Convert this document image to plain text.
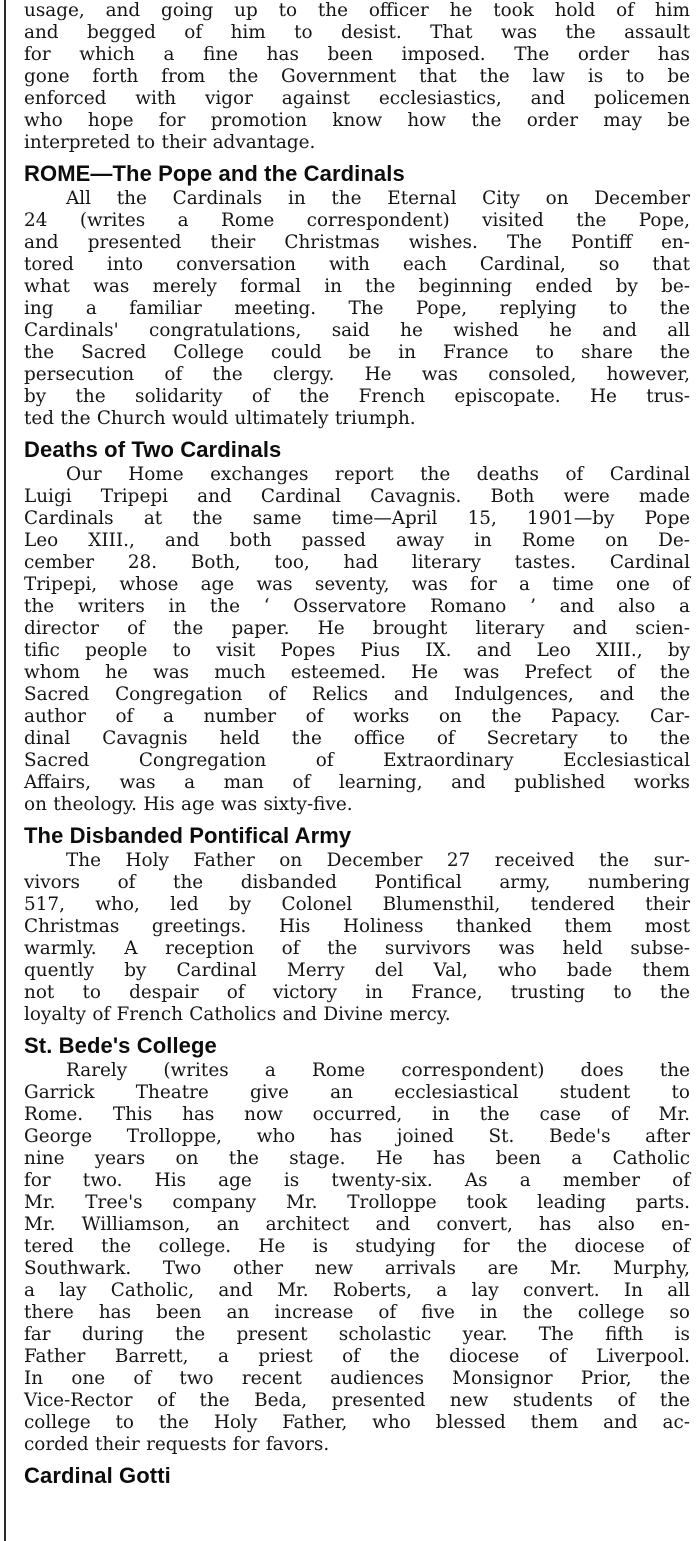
usage, and going up to the officer he took hold of him
and begged of him to desist. That was the assault
for which a fine has been imposed. The order has
gone forth from the Government that the law is to be
enforced with vigor against ecclesiastics, and policemen
who hope for promotion know how the order may be
interpreted to their advantage.
ROME—The Pope and the Cardinals
All the Cardinals in the Eternal City on December
24 (writes a Rome correspondent) visited the Pope,
and presented their Christmas wishes. The Pontiff en-
tored into conversation with each Cardinal, so that
what was merely formal in the beginning ended by be-
ing a familiar meeting. The Pope, replying to the
Cardinals' congratulations, said he wished he and all
the Sacred College could be in France to share the
persecution of the clergy. He was consoled, however,
by the solidarity of the French episcopate. He trus-
ted the Church would ultimately triumph.
Deaths of Two Cardinals
Our Home exchanges report the deaths of Cardinal
Luigi Tripepi and Cardinal Cavagnis. Both were made
Cardinals at the same time—April 15, 1901—by Pope
Leo XIII., and both passed away in Rome on De-
cember 28. Both, too, had literary tastes. Cardinal
Tripepi, whose age was seventy, was for a time one of
the writers in the ‘ Osservatore Romano ’ and also a
director of the paper. He brought literary and scien-
tific people to visit Popes Pius IX. and Leo XIII., by
whom he was much esteemed. He was Prefect of the
Sacred Congregation of Relics and Indulgences, and the
author of a number of works on the Papacy. Car-
dinal Cavagnis held the office of Secretary to the
Sacred Congregation of Extraordinary Ecclesiastical
Affairs, was a man of learning, and published works
on theology. His age was sixty-five.
The Disbanded Pontifical Army
The Holy Father on December 27 received the sur-
vivors of the disbanded Pontifical army, numbering
517, who, led by Colonel Blumensthil, tendered their
Christmas greetings. His Holiness thanked them most
warmly. A reception of the survivors was held subse-
quently by Cardinal Merry del Val, who bade them
not to despair of victory in France, trusting to the
loyalty of French Catholics and Divine mercy.
St. Bede's College
Rarely (writes a Rome correspondent) does the
Garrick Theatre give an ecclesiastical student to
Rome. This has now occurred, in the case of Mr.
George Trolloppe, who has joined St. Bede's after
nine years on the stage. He has been a Catholic
for two. His age is twenty-six. As a member of
Mr. Tree's company Mr. Trolloppe took leading parts.
Mr. Williamson, an architect and convert, has also en-
tered the college. He is studying for the diocese of
Southwark. Two other new arrivals are Mr. Murphy,
a lay Catholic, and Mr. Roberts, a lay convert. In all
there has been an increase of five in the college so
far during the present scholastic year. The fifth is
Father Barrett, a priest of the diocese of Liverpool.
In one of two recent audiences Monsignor Prior, the
Vice-Rector of the Beda, presented new students of the
college to the Holy Father, who blessed them and ac-
corded their requests for favors.
Cardinal Gotti
